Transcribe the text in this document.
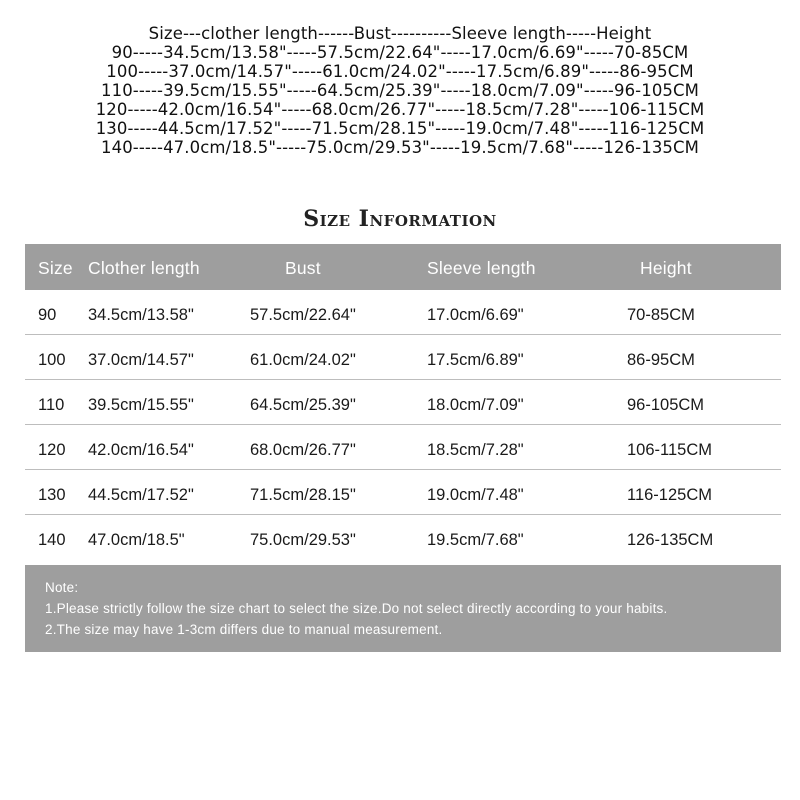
Size---clother length------Bust----------Sleeve length-----Height
90-----34.5cm/13.58"-----57.5cm/22.64"-----17.0cm/6.69"-----70-85CM
100-----37.0cm/14.57"-----61.0cm/24.02"-----17.5cm/6.89"-----86-95CM
110-----39.5cm/15.55"-----64.5cm/25.39"-----18.0cm/7.09"-----96-105CM
120-----42.0cm/16.54"-----68.0cm/26.77"-----18.5cm/7.28"-----106-115CM
130-----44.5cm/17.52"-----71.5cm/28.15"-----19.0cm/7.48"-----116-125CM
140-----47.0cm/18.5"-----75.0cm/29.53"-----19.5cm/7.68"-----126-135CM
Size Information
Size Clother length	Bust	Sleeve length	Height
90 34.5cm/13.58"	57.5cm/22.64"	17.0cm/6.69"	70-85CM
100 37.0cm/14.57"	61.0cm/24.02"	17.5cm/6.89"	86-95CM
110 39.5cm/15.55"	64.5cm/25.39"	18.0cm/7.09"	96-105CM
120 42.0cm/16.54"	68.0cm/26.77"	18.5cm/7.28"	106-115CM
130 44.5cm/17.52"	71.5cm/28.15"	19.0cm/7.48"	116-125CM
140 47.0cm/18.5"	75.0cm/29.53"	19.5cm/7.68"	126-135CM
Note:
1.Please strictly follow the size chart to select the size.Do not select directly according to your habits.
2.The size may have 1-3cm differs due to manual measurement.
